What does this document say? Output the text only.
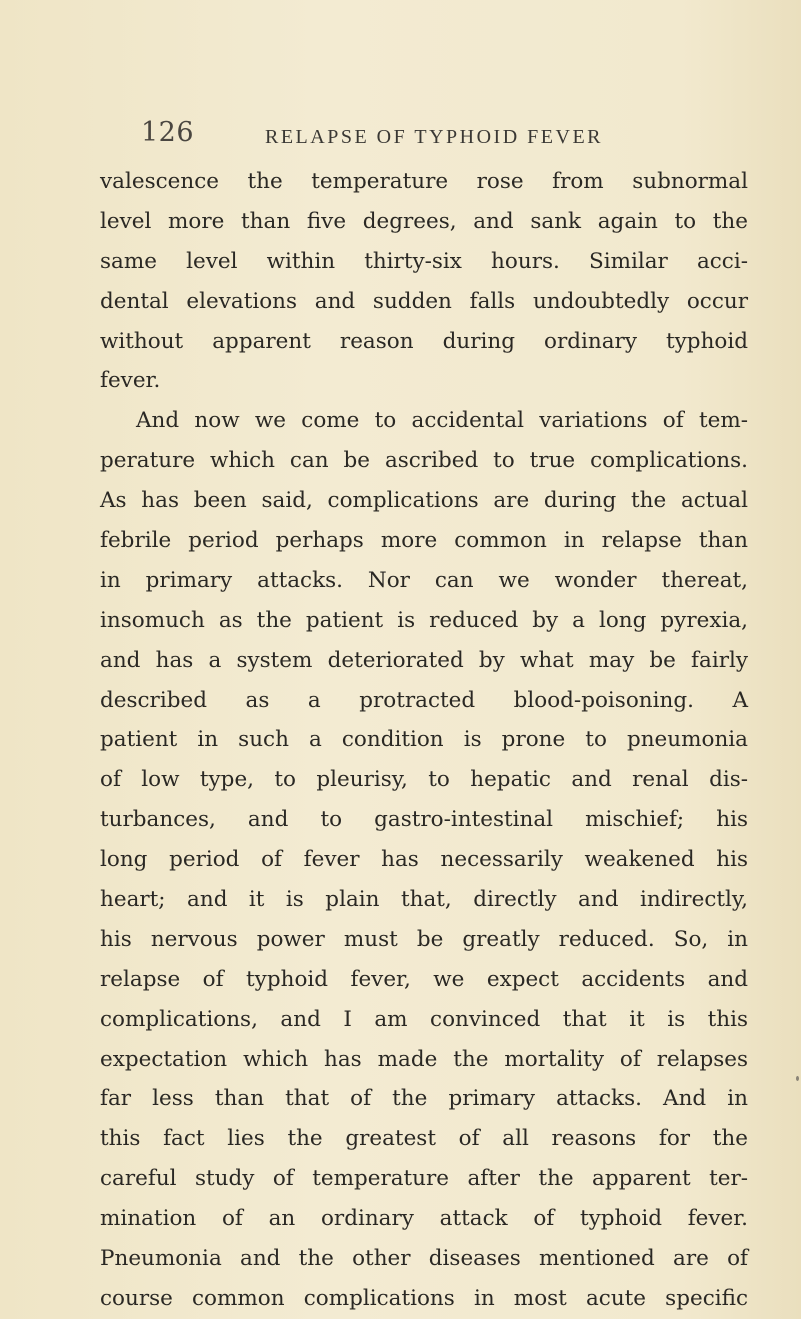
126	RELAPSE OF TYPHOID FEVER
valescence the temperature rose from subnormal
level more than five degrees, and sank again to the
same level within thirty-six hours. Similar acci-
dental elevations and sudden falls undoubtedly occur
without apparent reason during ordinary typhoid
fever.
And now we come to accidental variations of tem-
perature which can be ascribed to true complications.
As has been said, complications are during the actual
febrile period perhaps more common in relapse than
in primary attacks. Nor can we wonder thereat,
insomuch as the patient is reduced by a long pyrexia,
and has a system deteriorated by what may be fairly
described as a protracted blood-poisoning. A
patient in such a condition is prone to pneumonia
of low type, to pleurisy, to hepatic and renal dis-
turbances, and to gastro-intestinal mischief; his
long period of fever has necessarily weakened his
heart; and it is plain that, directly and indirectly,
his nervous power must be greatly reduced. So, in
relapse of typhoid fever, we expect accidents and
complications, and I am convinced that it is this
expectation which has made the mortality of relapses
far less than that of the primary attacks. And in
this fact lies the greatest of all reasons for the
careful study of temperature after the apparent ter-
mination of an ordinary attack of typhoid fever.
Pneumonia and the other diseases mentioned are of
course common complications in most acute specific
